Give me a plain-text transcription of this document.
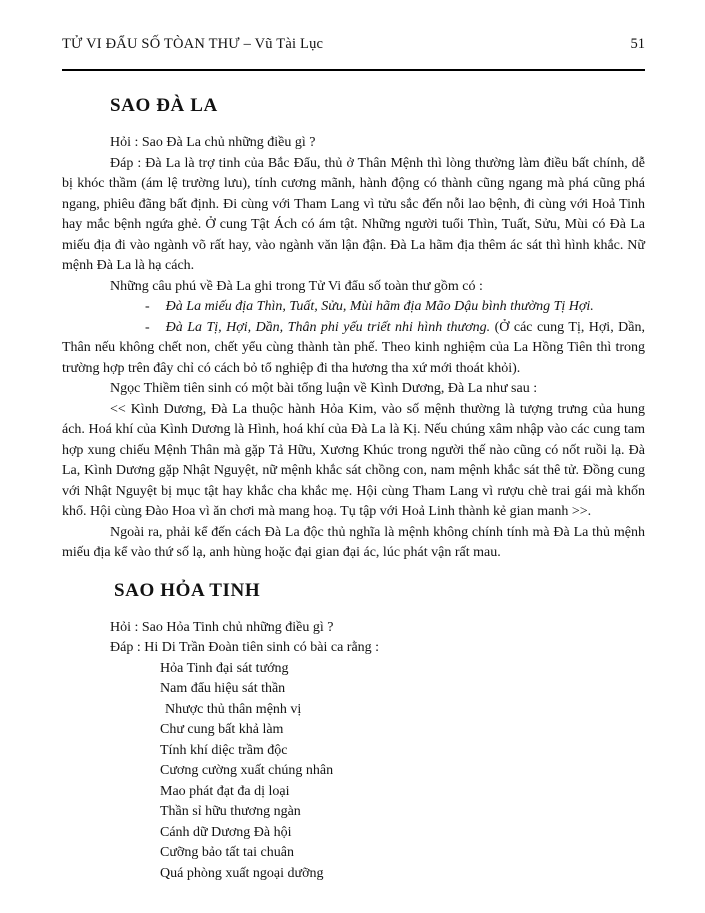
TỬ VI ĐẨU SỐ TÒAN THƯ – Vũ Tài Lục	51
SAO ĐÀ LA

Hỏi : Sao Đà La chủ những điều gì ?

Đáp : Đà La là trợ tinh của Bắc Đẩu, thủ ở Thân Mệnh thì lòng thường làm điều bất chính, dễ bị khóc thầm (ám lệ trường lưu), tính cương mãnh, hành động có thành cũng ngang mà phá cũng phá ngang, phiêu đãng bất định. Đi cùng với Tham Lang vì tửu sắc đến nỗi lao bệnh, đi cùng với Hoả Tinh hay mắc bệnh ngứa ghẻ. Ở cung Tật Ách có ám tật. Những người tuổi Thìn, Tuất, Sửu, Mùi có Đà La miếu địa đi vào ngành võ rất hay, vào ngành văn lận đận. Đà La hãm địa thêm ác sát thì hình khắc. Nữ mệnh Đà La là hạ cách.

Những câu phú về Đà La ghi trong Tử Vi đẩu số toàn thư gồm có :

- Đà La miếu địa Thìn, Tuất, Sửu, Mùi hãm địa Mão Dậu bình thường Tị Hợi.

- Đà La Tị, Hợi, Dần, Thân phi yếu triết nhi hình thương. (Ở các cung Tị, Hợi, Dần, Thân nếu không chết non, chết yểu cùng thành tàn phế. Theo kinh nghiệm của La Hồng Tiên thì trong trường hợp trên đây chỉ có cách bỏ tổ nghiệp đi tha hương tha xứ mới thoát khỏi).

Ngọc Thiềm tiên sinh có một bài tổng luận về Kình Dương, Đà La như sau :

<< Kình Dương, Đà La thuộc hành Hỏa Kim, vào số mệnh thường là tượng trưng của hung ách. Hoá khí của Kình Dương là Hình, hoá khí của Đà La là Kị. Nếu chúng xâm nhập vào các cung tam hợp xung chiếu Mệnh Thân mà gặp Tả Hữu, Xương Khúc trong người thế nào cũng có nốt ruồi lạ. Đà La, Kình Dương gặp Nhật Nguyệt, nữ mệnh khắc sát chồng con, nam mệnh khắc sát thê tử. Đồng cung với Nhật Nguyệt bị mục tật hay khắc cha khắc mẹ. Hội cùng Tham Lang vì rượu chè trai gái mà khốn khổ. Hội cùng Đào Hoa vì ăn chơi mà mang hoạ. Tụ tập với Hoả Linh thành kẻ gian manh >>.

Ngoài ra, phải kể đến cách Đà La độc thủ nghĩa là mệnh không chính tính mà Đà La thủ mệnh miếu địa kể vào thứ số lạ, anh hùng hoặc đại gian đại ác, lúc phát vận rất mau.

SAO HỎA TINH

Hỏi : Sao Hỏa Tinh chủ những điều gì ?

Đáp : Hi Di Trần Đoàn tiên sinh có bài ca rằng :

Hỏa Tinh đại sát tướng
Nam đẩu hiệu sát thần
Nhược thủ thân mệnh vị
Chư cung bất khả làm
Tính khí diệc trầm độc
Cương cường xuất chúng nhân
Mao phát đạt đa dị loại
Thần sỉ hữu thương ngàn
Cánh dữ Dương Đà hội
Cưỡng bảo tất tai chuân
Quá phòng xuất ngoại dưỡng
